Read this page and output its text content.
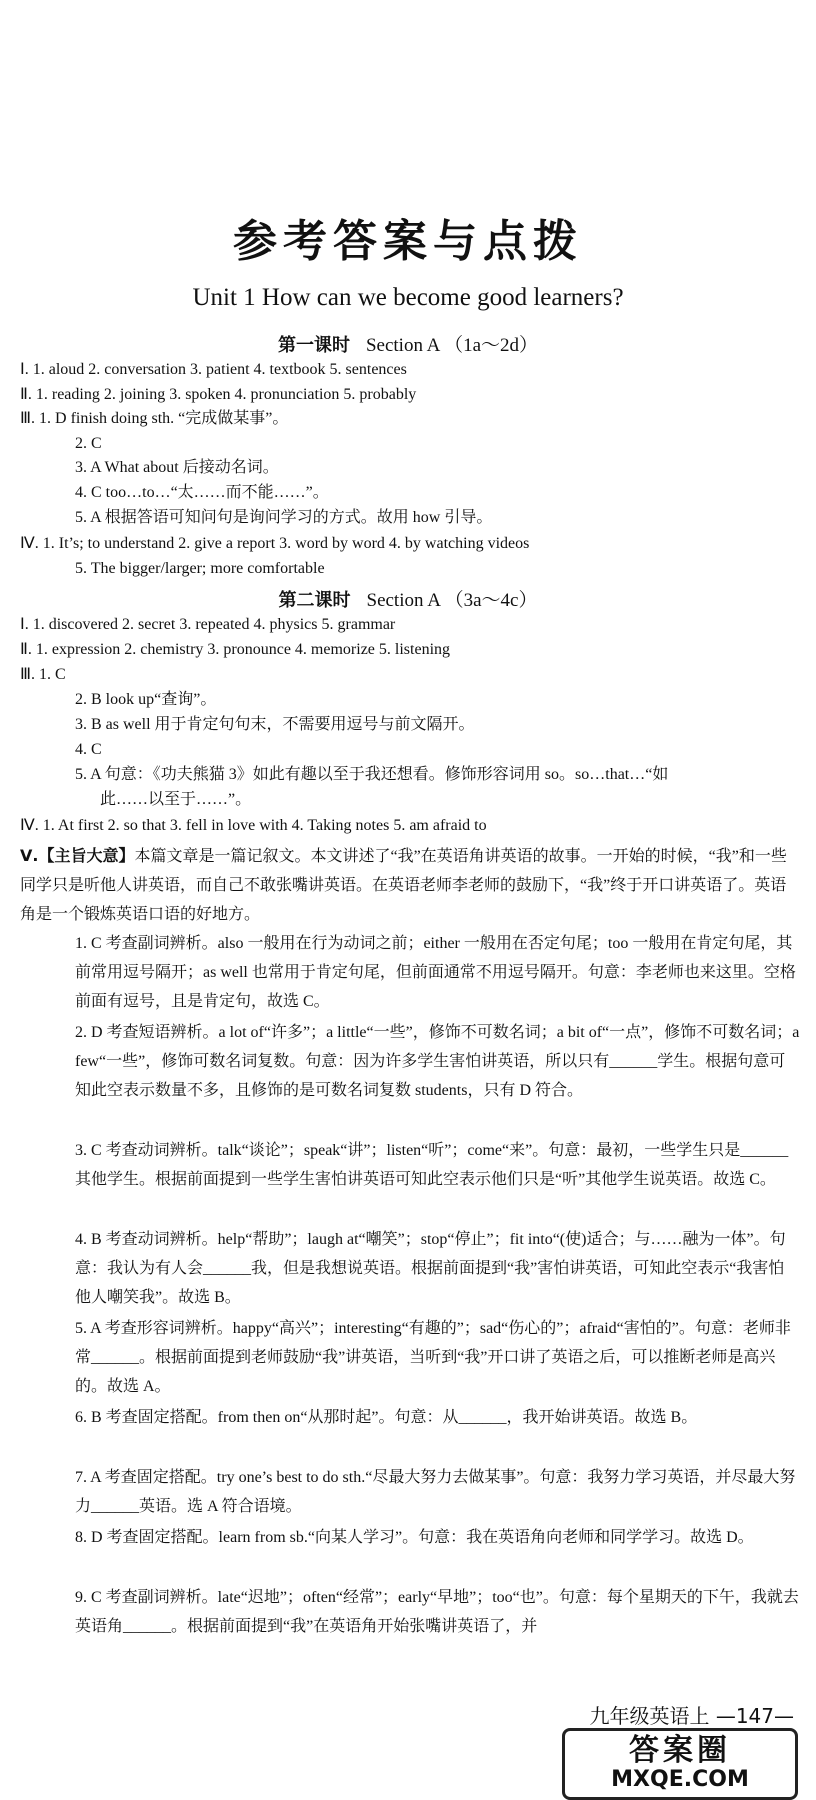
参考答案与点拨
Unit 1 How can we become good learners?
第一课时 Section A （1a～2d）
Ⅰ. 1. aloud 2. conversation 3. patient 4. textbook 5. sentences
Ⅱ. 1. reading 2. joining 3. spoken 4. pronunciation 5. probably
Ⅲ. 1. D finish doing sth. “完成做某事”。
2. C
3. A What about 后接动名词。
4. C too…to…“太……而不能……”。
5. A 根据答语可知问句是询问学习的方式。故用 how 引导。
Ⅳ. 1. It’s; to understand 2. give a report 3. word by word 4. by watching videos
5. The bigger/larger; more comfortable
第二课时 Section A （3a～4c）
Ⅰ. 1. discovered 2. secret 3. repeated 4. physics 5. grammar
Ⅱ. 1. expression 2. chemistry 3. pronounce 4. memorize 5. listening
Ⅲ. 1. C
2. B look up“查询”。
3. B as well 用于肯定句句末，不需要用逗号与前文隔开。
4. C
5. A 句意：《功夫熊猫 3》如此有趣以至于我还想看。修饰形容词用 so。so…that…“如
此……以至于……”。
Ⅳ. 1. At first 2. so that 3. fell in love with 4. Taking notes 5. am afraid to
Ⅴ.【主旨大意】本篇文章是一篇记叙文。本文讲述了“我”在英语角讲英语的故事。一开始的时候，“我”和一些同学只是听他人讲英语，而自己不敢张嘴讲英语。在英语老师李老师的鼓励下，“我”终于开口讲英语了。英语角是一个锻炼英语口语的好地方。
1. C 考查副词辨析。also 一般用在行为动词之前；either 一般用在否定句尾；too 一般用在肯定句尾，其前常用逗号隔开；as well 也常用于肯定句尾，但前面通常不用逗号隔开。句意：李老师也来这里。空格前面有逗号，且是肯定句，故选 C。
2. D 考查短语辨析。a lot of“许多”；a little“一些”，修饰不可数名词；a bit of“一点”，修饰不可数名词；a few“一些”，修饰可数名词复数。句意：因为许多学生害怕讲英语，所以只有______学生。根据句意可知此空表示数量不多，且修饰的是可数名词复数 students，只有 D 符合。
3. C 考查动词辨析。talk“谈论”；speak“讲”；listen“听”；come“来”。句意：最初，一些学生只是______其他学生。根据前面提到一些学生害怕讲英语可知此空表示他们只是“听”其他学生说英语。故选 C。
4. B 考查动词辨析。help“帮助”；laugh at“嘲笑”；stop“停止”；fit into“(使)适合；与……融为一体”。句意：我认为有人会______我，但是我想说英语。根据前面提到“我”害怕讲英语，可知此空表示“我害怕他人嘲笑我”。故选 B。
5. A 考查形容词辨析。happy“高兴”；interesting“有趣的”；sad“伤心的”；afraid“害怕的”。句意：老师非常______。根据前面提到老师鼓励“我”讲英语，当听到“我”开口讲了英语之后，可以推断老师是高兴的。故选 A。
6. B 考查固定搭配。from then on“从那时起”。句意：从______，我开始讲英语。故选 B。
7. A 考查固定搭配。try one’s best to do sth.“尽最大努力去做某事”。句意：我努力学习英语，并尽最大努力______英语。选 A 符合语境。
8. D 考查固定搭配。learn from sb.“向某人学习”。句意：我在英语角向老师和同学学习。故选 D。
9. C 考查副词辨析。late“迟地”；often“经常”；early“早地”；too“也”。句意：每个星期天的下午，我就去英语角______。根据前面提到“我”在英语角开始张嘴讲英语了，并
九年级英语上 —147—
答案圈
MXQE.COM
